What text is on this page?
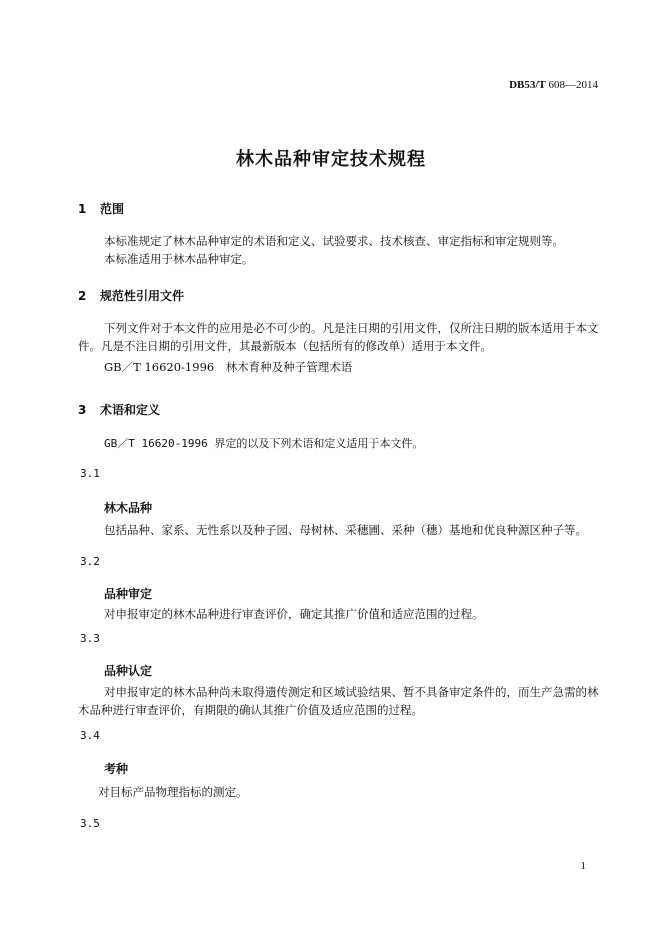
DB53/T 608—2014
林木品种审定技术规程
1 范围
本标准规定了林木品种审定的术语和定义、试验要求、技术核查、审定指标和审定规则等。
本标准适用于林木品种审定。
2 规范性引用文件
下列文件对于本文件的应用是必不可少的。凡是注日期的引用文件，仅所注日期的版本适用于本文
件。凡是不注日期的引用文件，其最新版本（包括所有的修改单）适用于本文件。
GB／T 16620-1996　林木育种及种子管理术语
3 术语和定义
GB／T 16620-1996 界定的以及下列术语和定义适用于本文件。
3.1
林木品种
包括品种、家系、无性系以及种子园、母树林、采穗圃、采种（穗）基地和优良种源区种子等。
3.2
品种审定
对申报审定的林木品种进行审查评价，确定其推广价值和适应范围的过程。
3.3
品种认定
对申报审定的林木品种尚未取得遗传测定和区域试验结果、暂不具备审定条件的，而生产急需的林
木品种进行审查评价，有期限的确认其推广价值及适应范围的过程。
3.4
考种
对目标产品物理指标的测定。
3.5
1
